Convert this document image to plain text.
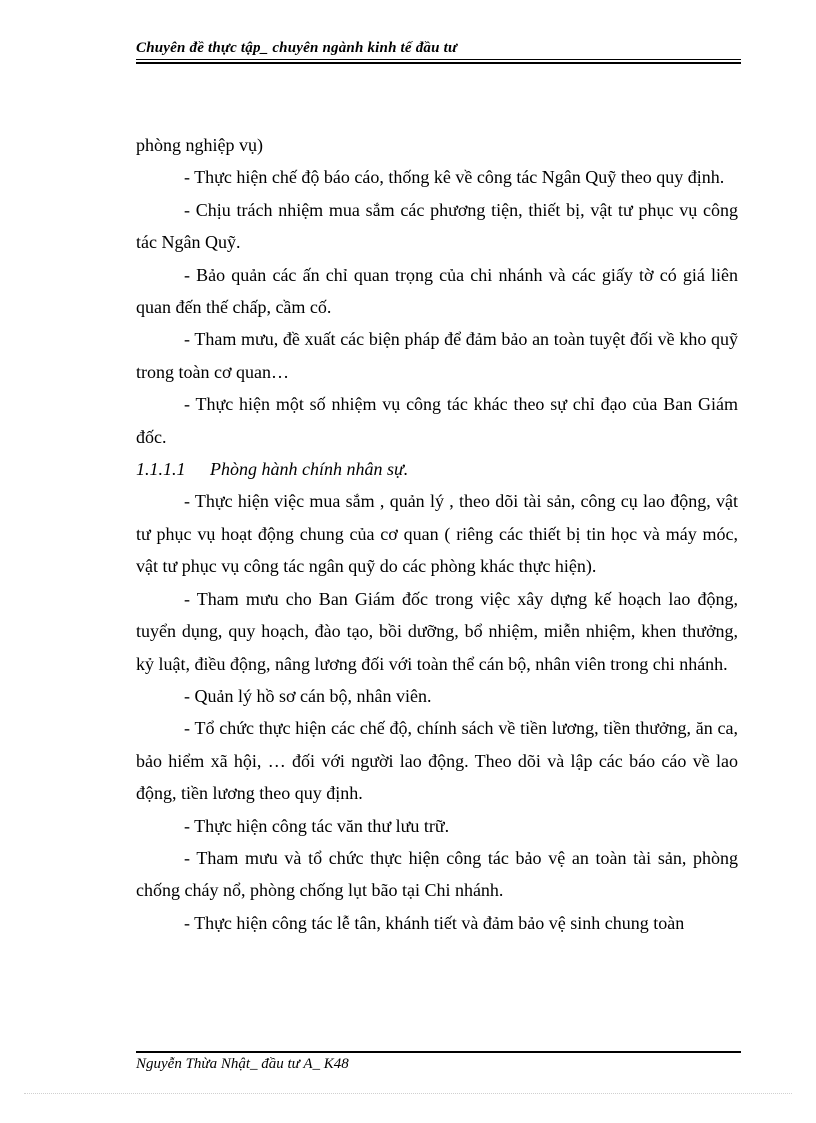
Chuyên đề thực tập_ chuyên ngành kinh tế đầu tư

phòng nghiệp vụ)

- Thực hiện chế độ báo cáo, thống kê về công tác Ngân Quỹ theo quy định.

- Chịu trách nhiệm mua sắm các phương tiện, thiết bị, vật tư phục vụ công tác Ngân Quỹ.

- Bảo quản các ấn chỉ quan trọng của chi nhánh và các giấy tờ có giá liên quan đến thế chấp, cầm cố.

- Tham mưu, đề xuất các biện pháp để đảm bảo an toàn tuyệt đối về kho quỹ trong toàn cơ quan…

- Thực hiện một số nhiệm vụ công tác khác theo sự chỉ đạo của Ban Giám đốc.

1.1.1.1	Phòng hành chính nhân sự.

- Thực hiện việc mua sắm , quản lý , theo dõi tài sản, công cụ lao động, vật tư phục vụ hoạt động chung của cơ quan ( riêng các thiết bị tin học và máy móc, vật tư phục vụ công tác ngân quỹ do các phòng khác thực hiện).

- Tham mưu cho Ban Giám đốc trong việc xây dựng kế hoạch lao động, tuyển dụng, quy hoạch, đào tạo, bồi dưỡng, bổ nhiệm, miễn nhiệm, khen thưởng, kỷ luật, điều động, nâng lương đối với toàn thể cán bộ, nhân viên trong chi nhánh.

- Quản lý hồ sơ cán bộ, nhân viên.

- Tổ chức thực hiện các chế độ, chính sách về tiền lương, tiền thưởng, ăn ca, bảo hiểm xã hội, … đối với người lao động. Theo dõi và lập các báo cáo về lao động, tiền lương theo quy định.

- Thực hiện công tác văn thư lưu trữ.

- Tham mưu và tổ chức thực hiện công tác bảo vệ an toàn tài sản, phòng chống cháy nổ, phòng chống lụt bão tại Chi nhánh.

- Thực hiện công tác lễ tân, khánh tiết và đảm bảo vệ sinh chung toàn

Nguyễn Thừa Nhật_ đầu tư A_ K48
